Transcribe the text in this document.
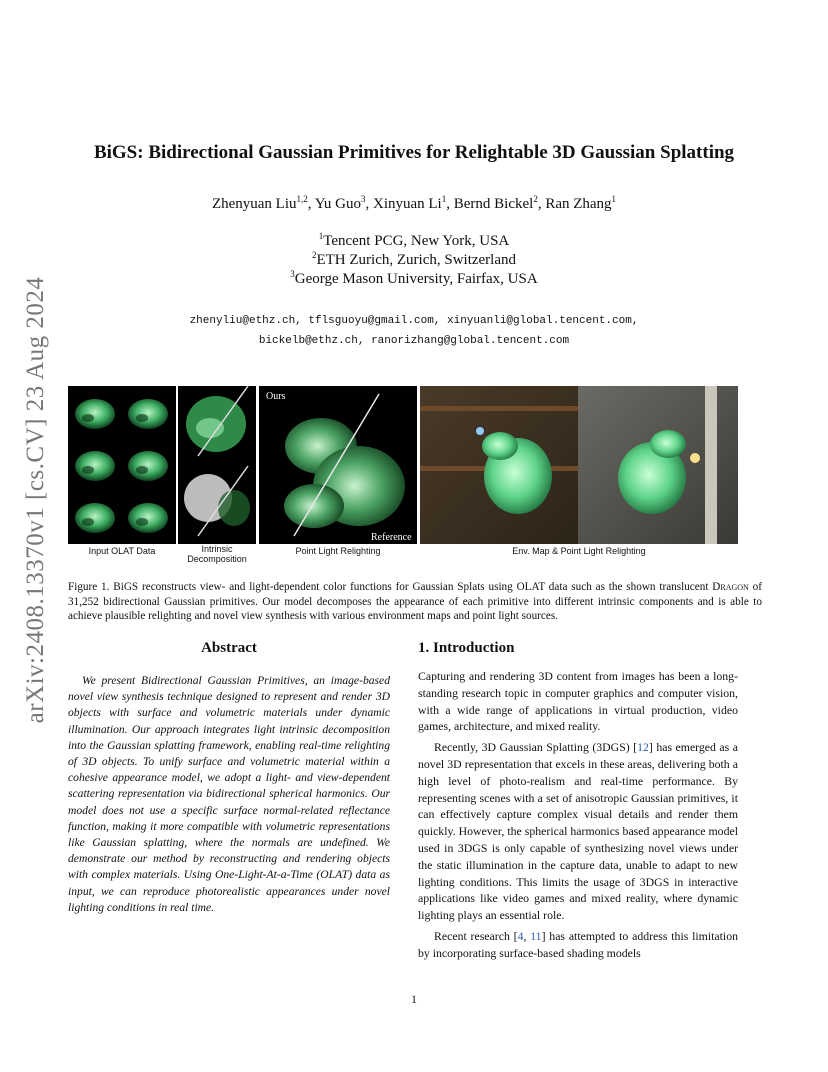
arXiv:2408.13370v1 [cs.CV] 23 Aug 2024
BiGS: Bidirectional Gaussian Primitives for Relightable 3D Gaussian Splatting
Zhenyuan Liu$^{1,2}$, Yu Guo$^3$, Xinyuan Li$^1$, Bernd Bickel$^2$, Ran Zhang$^1$
$^1$Tencent PCG, New York, USA
$^2$ETH Zurich, Zurich, Switzerland
$^3$George Mason University, Fairfax, USA
zhenyliu@ethz.ch, tflsguoyu@gmail.com, xinyuanli@global.tencent.com,
bickelb@ethz.ch, ranorizhang@global.tencent.com
Ours
Reference
Input OLAT Data	Intrinsic
Decomposition
Point Light Relighting	Env. Map & Point Light Relighting
Figure 1. BiGS reconstructs view- and light-dependent color functions for Gaussian Splats using OLAT data such as the shown translucent Dragon of 31,252 bidirectional Gaussian primitives. Our model decomposes the appearance of each primitive into different intrinsic components and is able to achieve plausible relighting and novel view synthesis with various environment maps and point light sources.
Abstract
We present Bidirectional Gaussian Primitives, an image-based novel view synthesis technique designed to represent and render 3D objects with surface and volumetric materials under dynamic illumination. Our approach integrates light intrinsic decomposition into the Gaussian splatting framework, enabling real-time relighting of 3D objects. To unify surface and volumetric material within a cohesive appearance model, we adopt a light- and view-dependent scattering representation via bidirectional spherical harmonics. Our model does not use a specific surface normal-related reflectance function, making it more compatible with volumetric representations like Gaussian splatting, where the normals are undefined. We demonstrate our method by reconstructing and rendering objects with complex materials. Using One-Light-At-a-Time (OLAT) data as input, we can reproduce photorealistic appearances under novel lighting conditions in real time.
1. Introduction

Capturing and rendering 3D content from images has been a long-standing research topic in computer graphics and computer vision, with a wide range of applications in virtual production, video games, architecture, and mixed reality.

Recently, 3D Gaussian Splatting (3DGS) [12] has emerged as a novel 3D representation that excels in these areas, delivering both a high level of photo-realism and real-time performance. By representing scenes with a set of anisotropic Gaussian primitives, it can effectively capture complex visual details and render them quickly. However, the spherical harmonics based appearance model used in 3DGS is only capable of synthesizing novel views under the static illumination in the capture data, unable to adapt to new lighting conditions. This limits the usage of 3DGS in interactive applications like video games and mixed reality, where dynamic lighting plays an essential role.

Recent research [4, 11] has attempted to address this limitation by incorporating surface-based shading models

1
